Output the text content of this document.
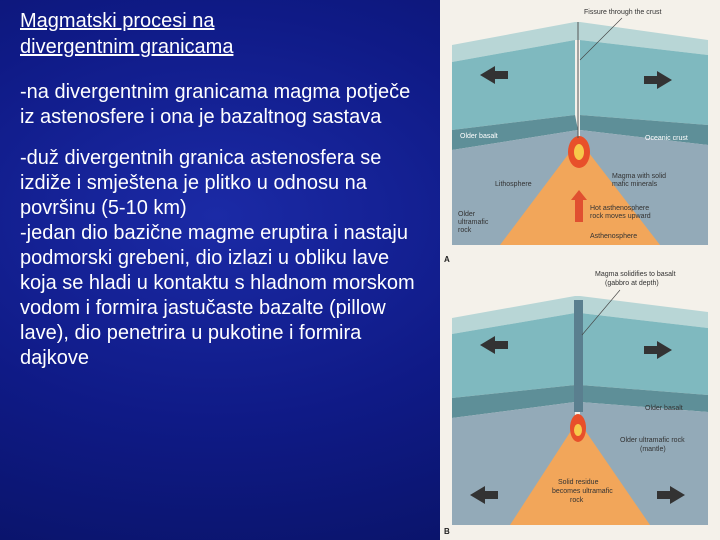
Magmatski procesi na
divergentnim granicama

-na divergentnim granicama magma potječe iz astenosfere i ona je bazaltnog sastava

-duž divergentnih granica astenosfera se izdiže i smještena je plitko u odnosu na površinu (5-10 km)
-jedan dio bazične magme eruptira i nastaju podmorski grebeni, dio izlazi u obliku lave koja se hladi u kontaktu s hladnom morskom vodom i formira jastučaste bazalte (pillow lave), dio penetrira u pukotine i formira dajkove

Fissure through the crust
Older basalt	Oceanic crust
Lithosphere
Magma with solid
mafic minerals
Older
ultramafic
rock
Hot asthenosphere
rock moves upward
Asthenosphere
A
Magma solidifies to basalt
(gabbro at depth)
Older basalt
Older ultramafic rock
(mantle)
Solid residue
becomes ultramafic
rock
B
